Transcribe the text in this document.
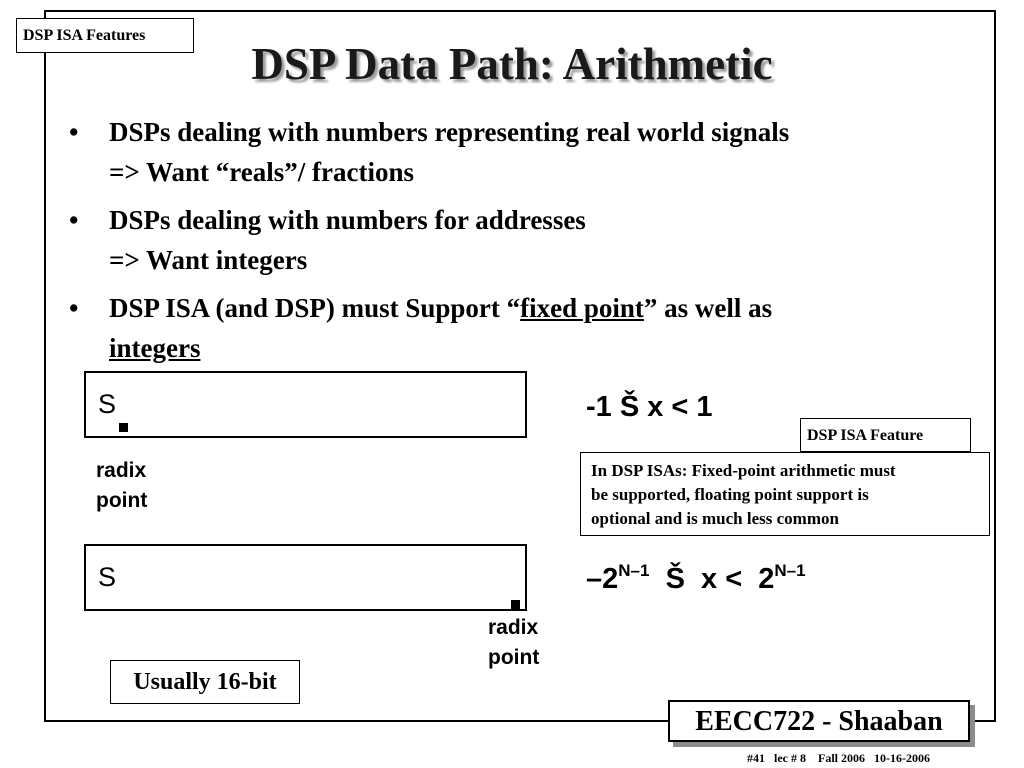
DSP ISA Features
DSP Data Path: Arithmetic
• DSPs dealing with numbers representing real world signals
=> Want “reals”/ fractions
• DSPs dealing with numbers for addresses
=> Want integers
• DSP ISA (and DSP) must Support “fixed point” as well as
integers
S
radix
point
-1 Š x < 1
DSP ISA Feature
In DSP ISAs: Fixed-point arithmetic must
be supported, floating point support is
optional and is much less common
S
radix
point
$-2^{N-1}$  Š  $x < 2^{N-1}$
Usually 16-bit
EECC722 - Shaaban
#41   lec # 8    Fall 2006   10-16-2006
